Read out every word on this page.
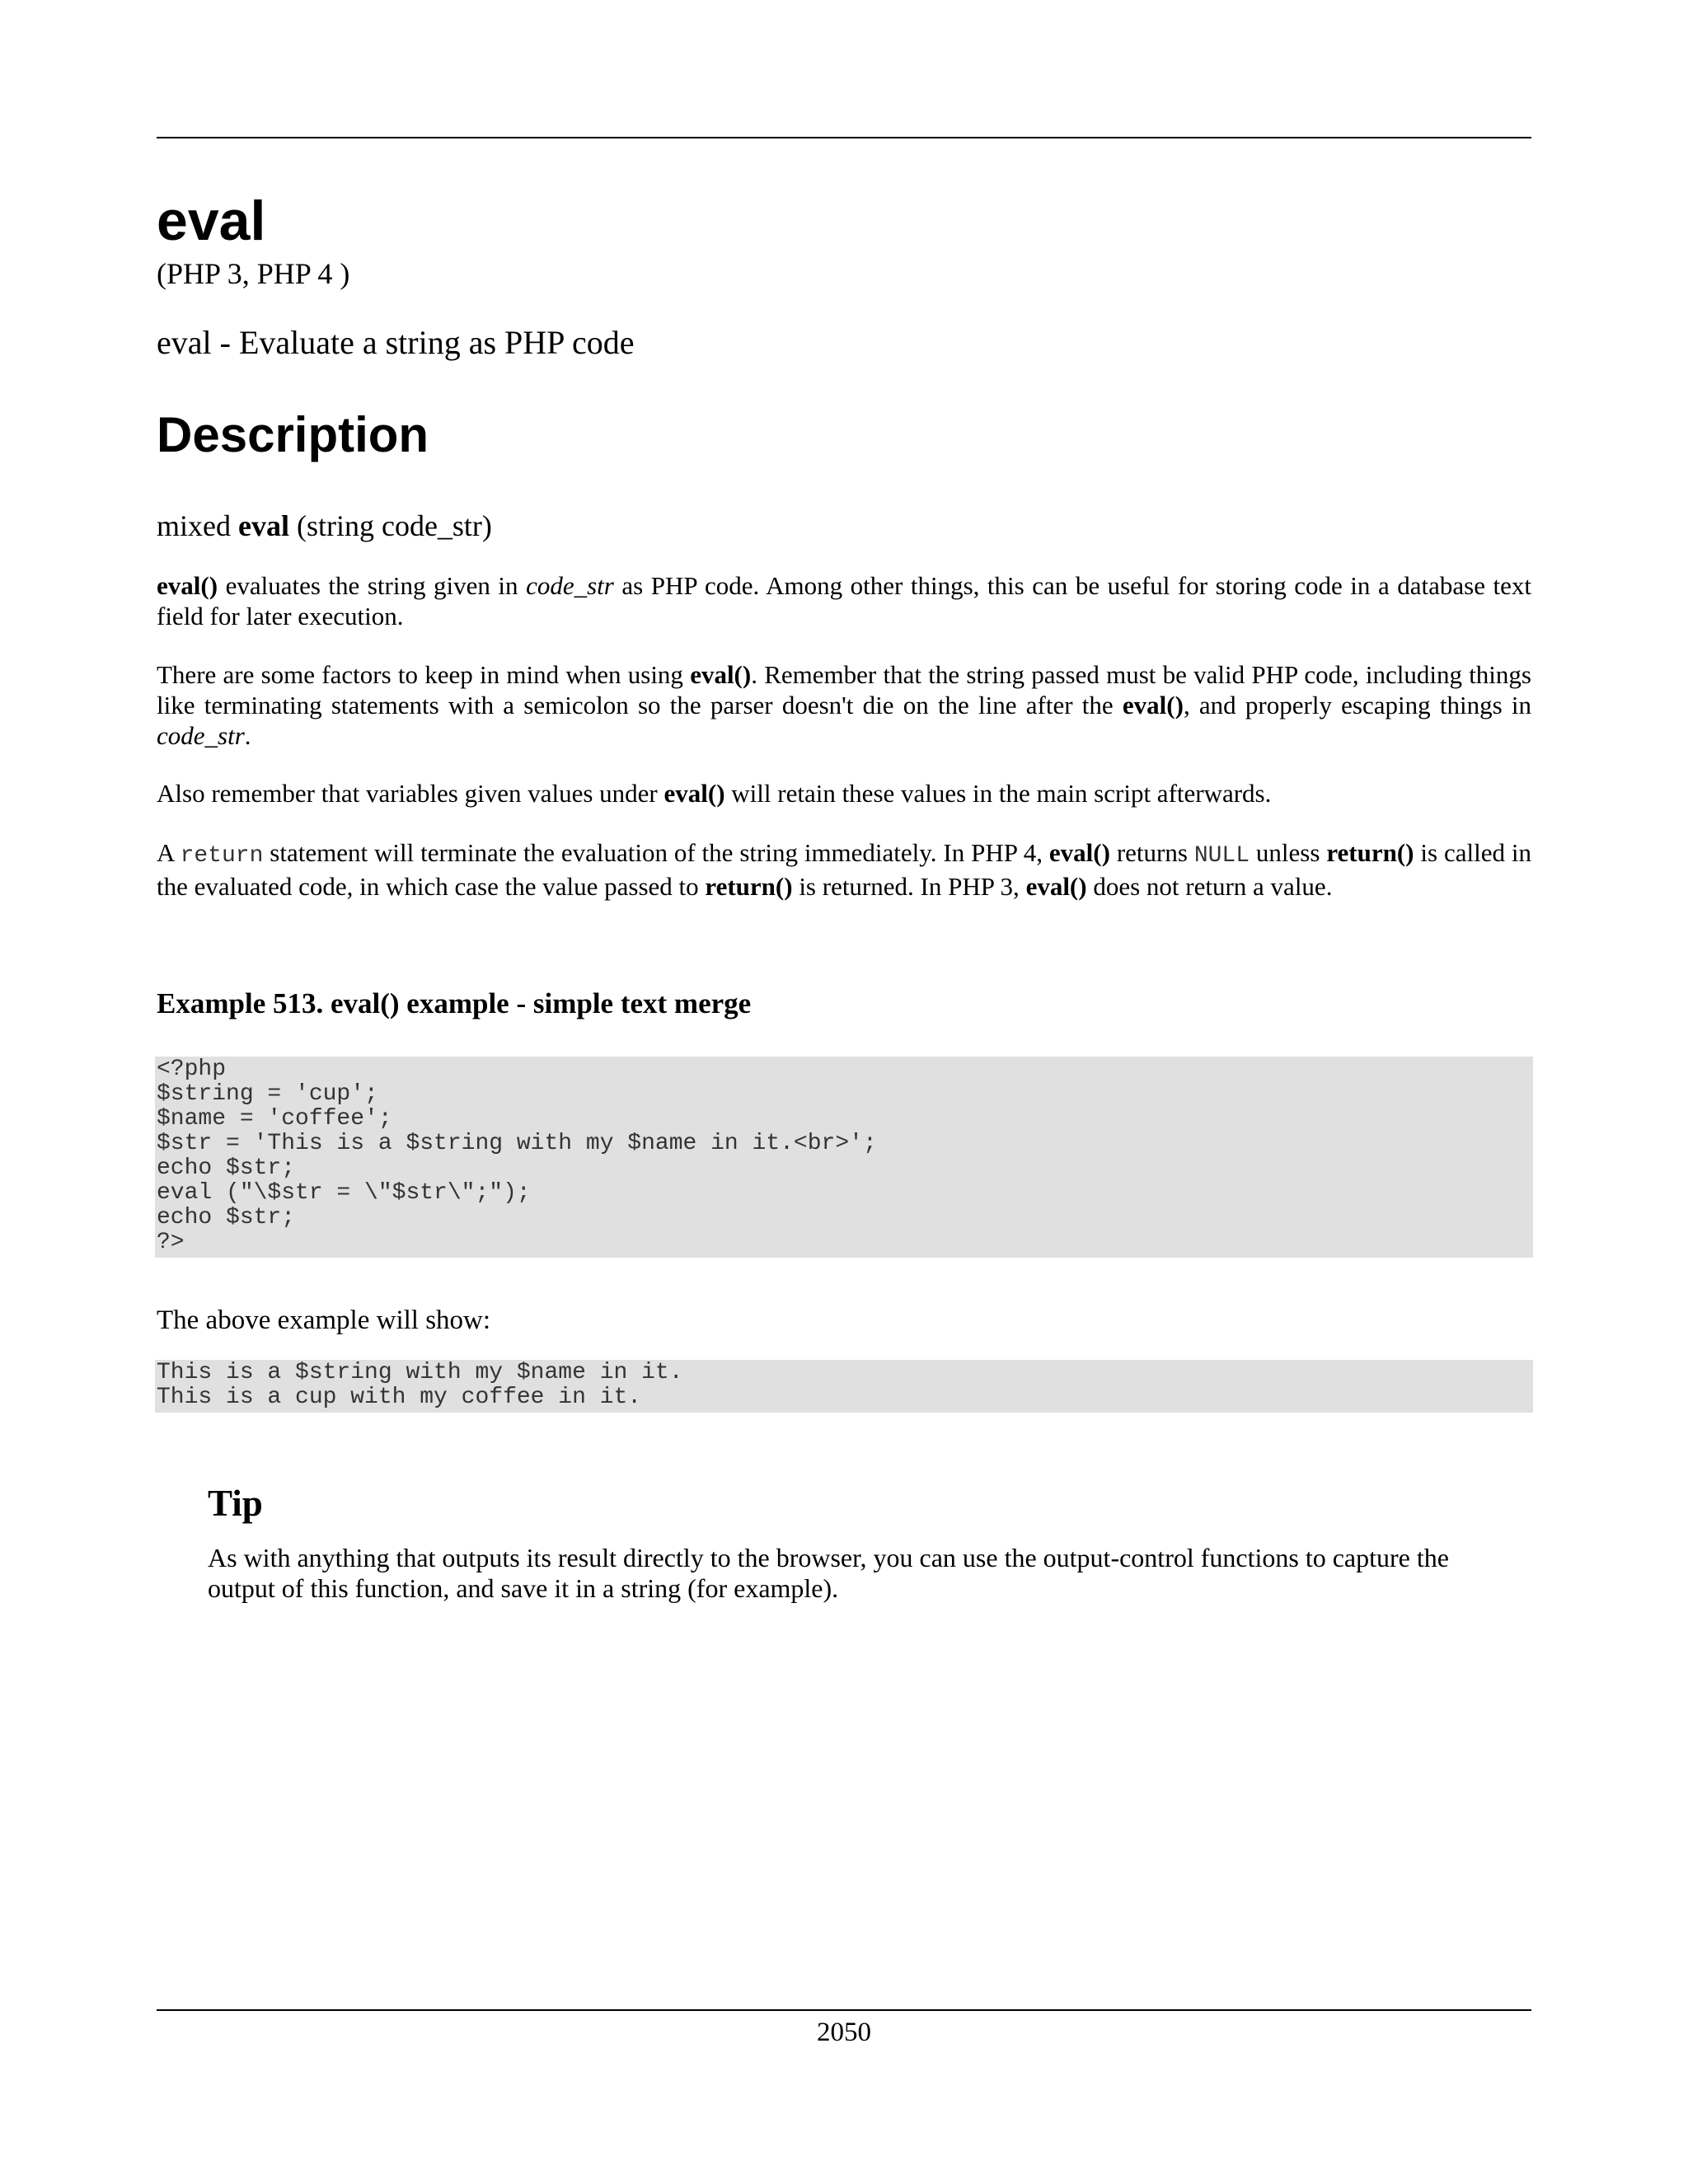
eval
(PHP 3, PHP 4 )
eval - Evaluate a string as PHP code
Description
mixed eval (string code_str)

eval() evaluates the string given in code_str as PHP code. Among other things, this can be useful for storing code in a database text field for later execution.

There are some factors to keep in mind when using eval(). Remember that the string passed must be valid PHP code, including things like terminating statements with a semicolon so the parser doesn't die on the line after the eval(), and properly escaping things in code_str.

Also remember that variables given values under eval() will retain these values in the main script afterwards.

A return statement will terminate the evaluation of the string immediately. In PHP 4, eval() returns NULL unless return() is called in the evaluated code, in which case the value passed to return() is returned. In PHP 3, eval() does not return a value.

Example 513. eval() example - simple text merge
<?php
$string = 'cup';
$name = 'coffee';
$str = 'This is a $string with my $name in it.<br>';
echo $str;
eval ("\$str = \"$str\";");
echo $str;
?>
The above example will show:
This is a $string with my $name in it.
This is a cup with my coffee in it.
Tip

As with anything that outputs its result directly to the browser, you can use the output-control functions to capture the output of this function, and save it in a string (for example).

2050
